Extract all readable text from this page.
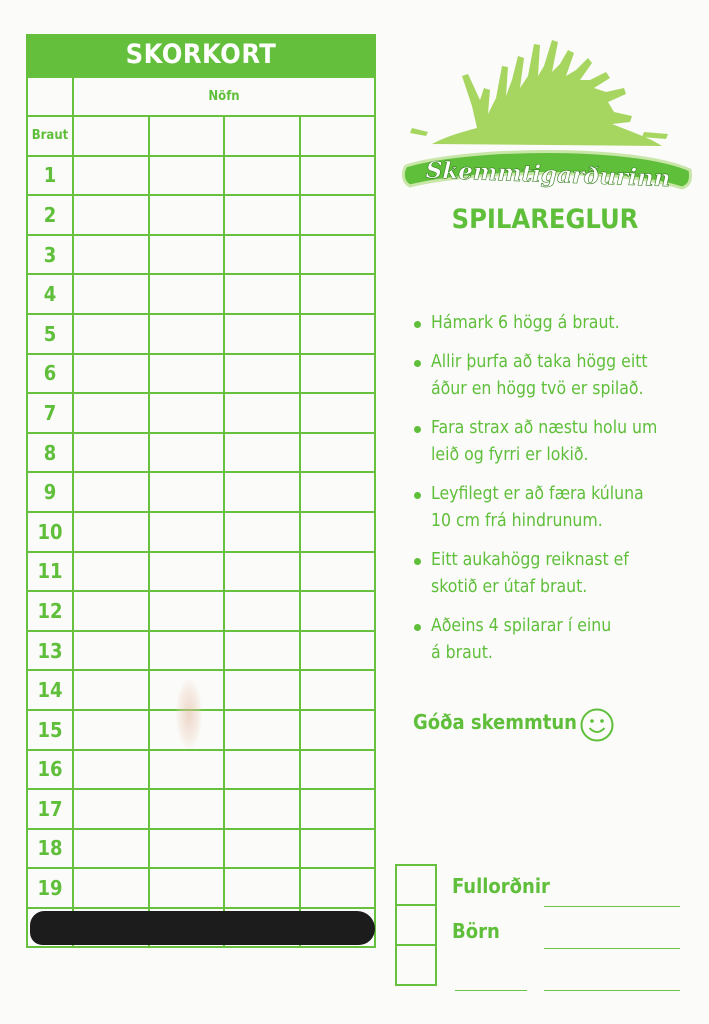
SKORKORT
	Nöfn			
Braut				
1				
2				
3				
4				
5				
6				
7				
8				
9				
10				
11				
12				
13				
14				
15				
16				
17				
18				
19				

Skemmtigarðurinn
SPILAREGLUR
Hámark 6 högg á braut.
Allir þurfa að taka högg eitt
áður en högg tvö er spilað.
Fara strax að næstu holu um
leið og fyrri er lokið.
Leyfilegt er að færa kúluna
10 cm frá hindrunum.
Eitt aukahögg reiknast ef
skotið er útaf braut.
Aðeins 4 spilarar í einu
á braut.
Góða skemmtun
Fullorðnir
Börn
